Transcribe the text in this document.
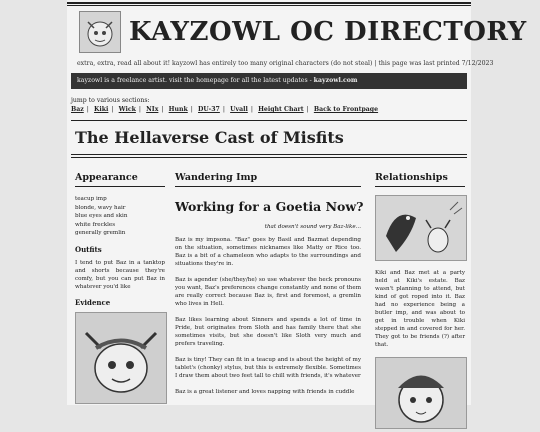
KAYZOWL OC DIRECTORY
extra, extra, read all about it! kayzowl has entirely too many original characters (do not steal) | this page was last printed 7/12/2023
kayzowl is a freelance artist. visit the homepage for all the latest updates - kayzowl.com
jump to various sections:
Baz | Kiki | Wick | NIx | Hunk | DU-37 | Uvall | Height Chart | Back to Frontpage
The Hellaverse Cast of Misfits
Appearance
teacup imp
blonde, wavy hair
blue eyes and skin
white freckles
generally gremlin
Outfits
I tend to put Baz in a tanktop and shorts because they're comfy, but you can put Baz in whatever you'd like
Evidence
Wandering Imp
Working for a Goetia Now?
that doesn't sound very Baz-like...
Baz is my impsona. "Baz" goes by Basil and Bazmat depending on the situation, sometimes nicknames like Matty or Rice too. Baz is a bit of a chameleon who adapts to the surroundings and situations they're in.
Baz is agender (she/they/he) so use whatever the heck pronouns you want, Baz's preferences change constantly and none of them are really correct because Baz is, first and foremost, a gremlin who lives in Hell.
Baz likes learning about Sinners and spends a lot of time in Pride, but originates from Sloth and has family there that she sometimes visits, but she doesn't like Sloth very much and prefers traveling.
Baz is tiny! They can fit in a teacup and is about the height of my tablet's (chonky) stylus, but this is extremely flexible. Sometimes I draw them about two feet tall to chill with friends, it's whatever
Baz is a great listener and loves napping with friends in cuddle
Relationships
Kiki and Baz met at a party held at Kiki's estate. Baz wasn't planning to attend, but kind of got roped into it. Baz had no experience being a butler imp, and was about to get in trouble when Kiki stepped in and covered for her. They got to be friends (?) after that.
